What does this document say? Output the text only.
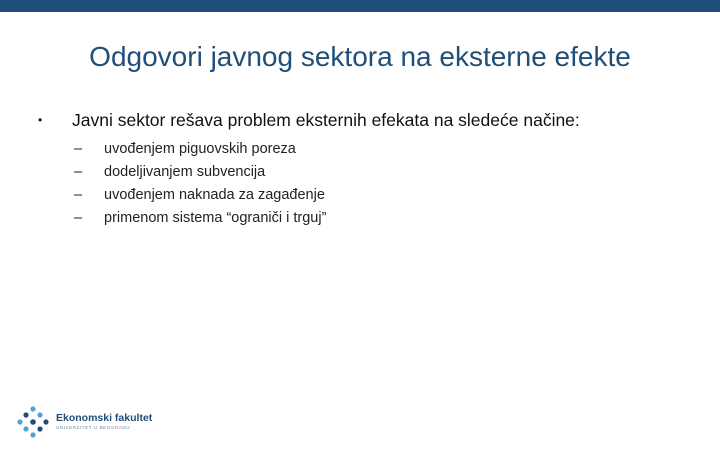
Odgovori javnog sektora na eksterne efekte
•	Javni sektor rešava problem eksternih efekata na sledeće načine:
–	uvođenjem piguovskih poreza
–	dodeljivanjem subvencija
–	uvođenjem naknada za zagađenje
–	primenom sistema “ograniči i trguj”
Ekonomski fakultet
UNIVERZITET U BEOGRADU
